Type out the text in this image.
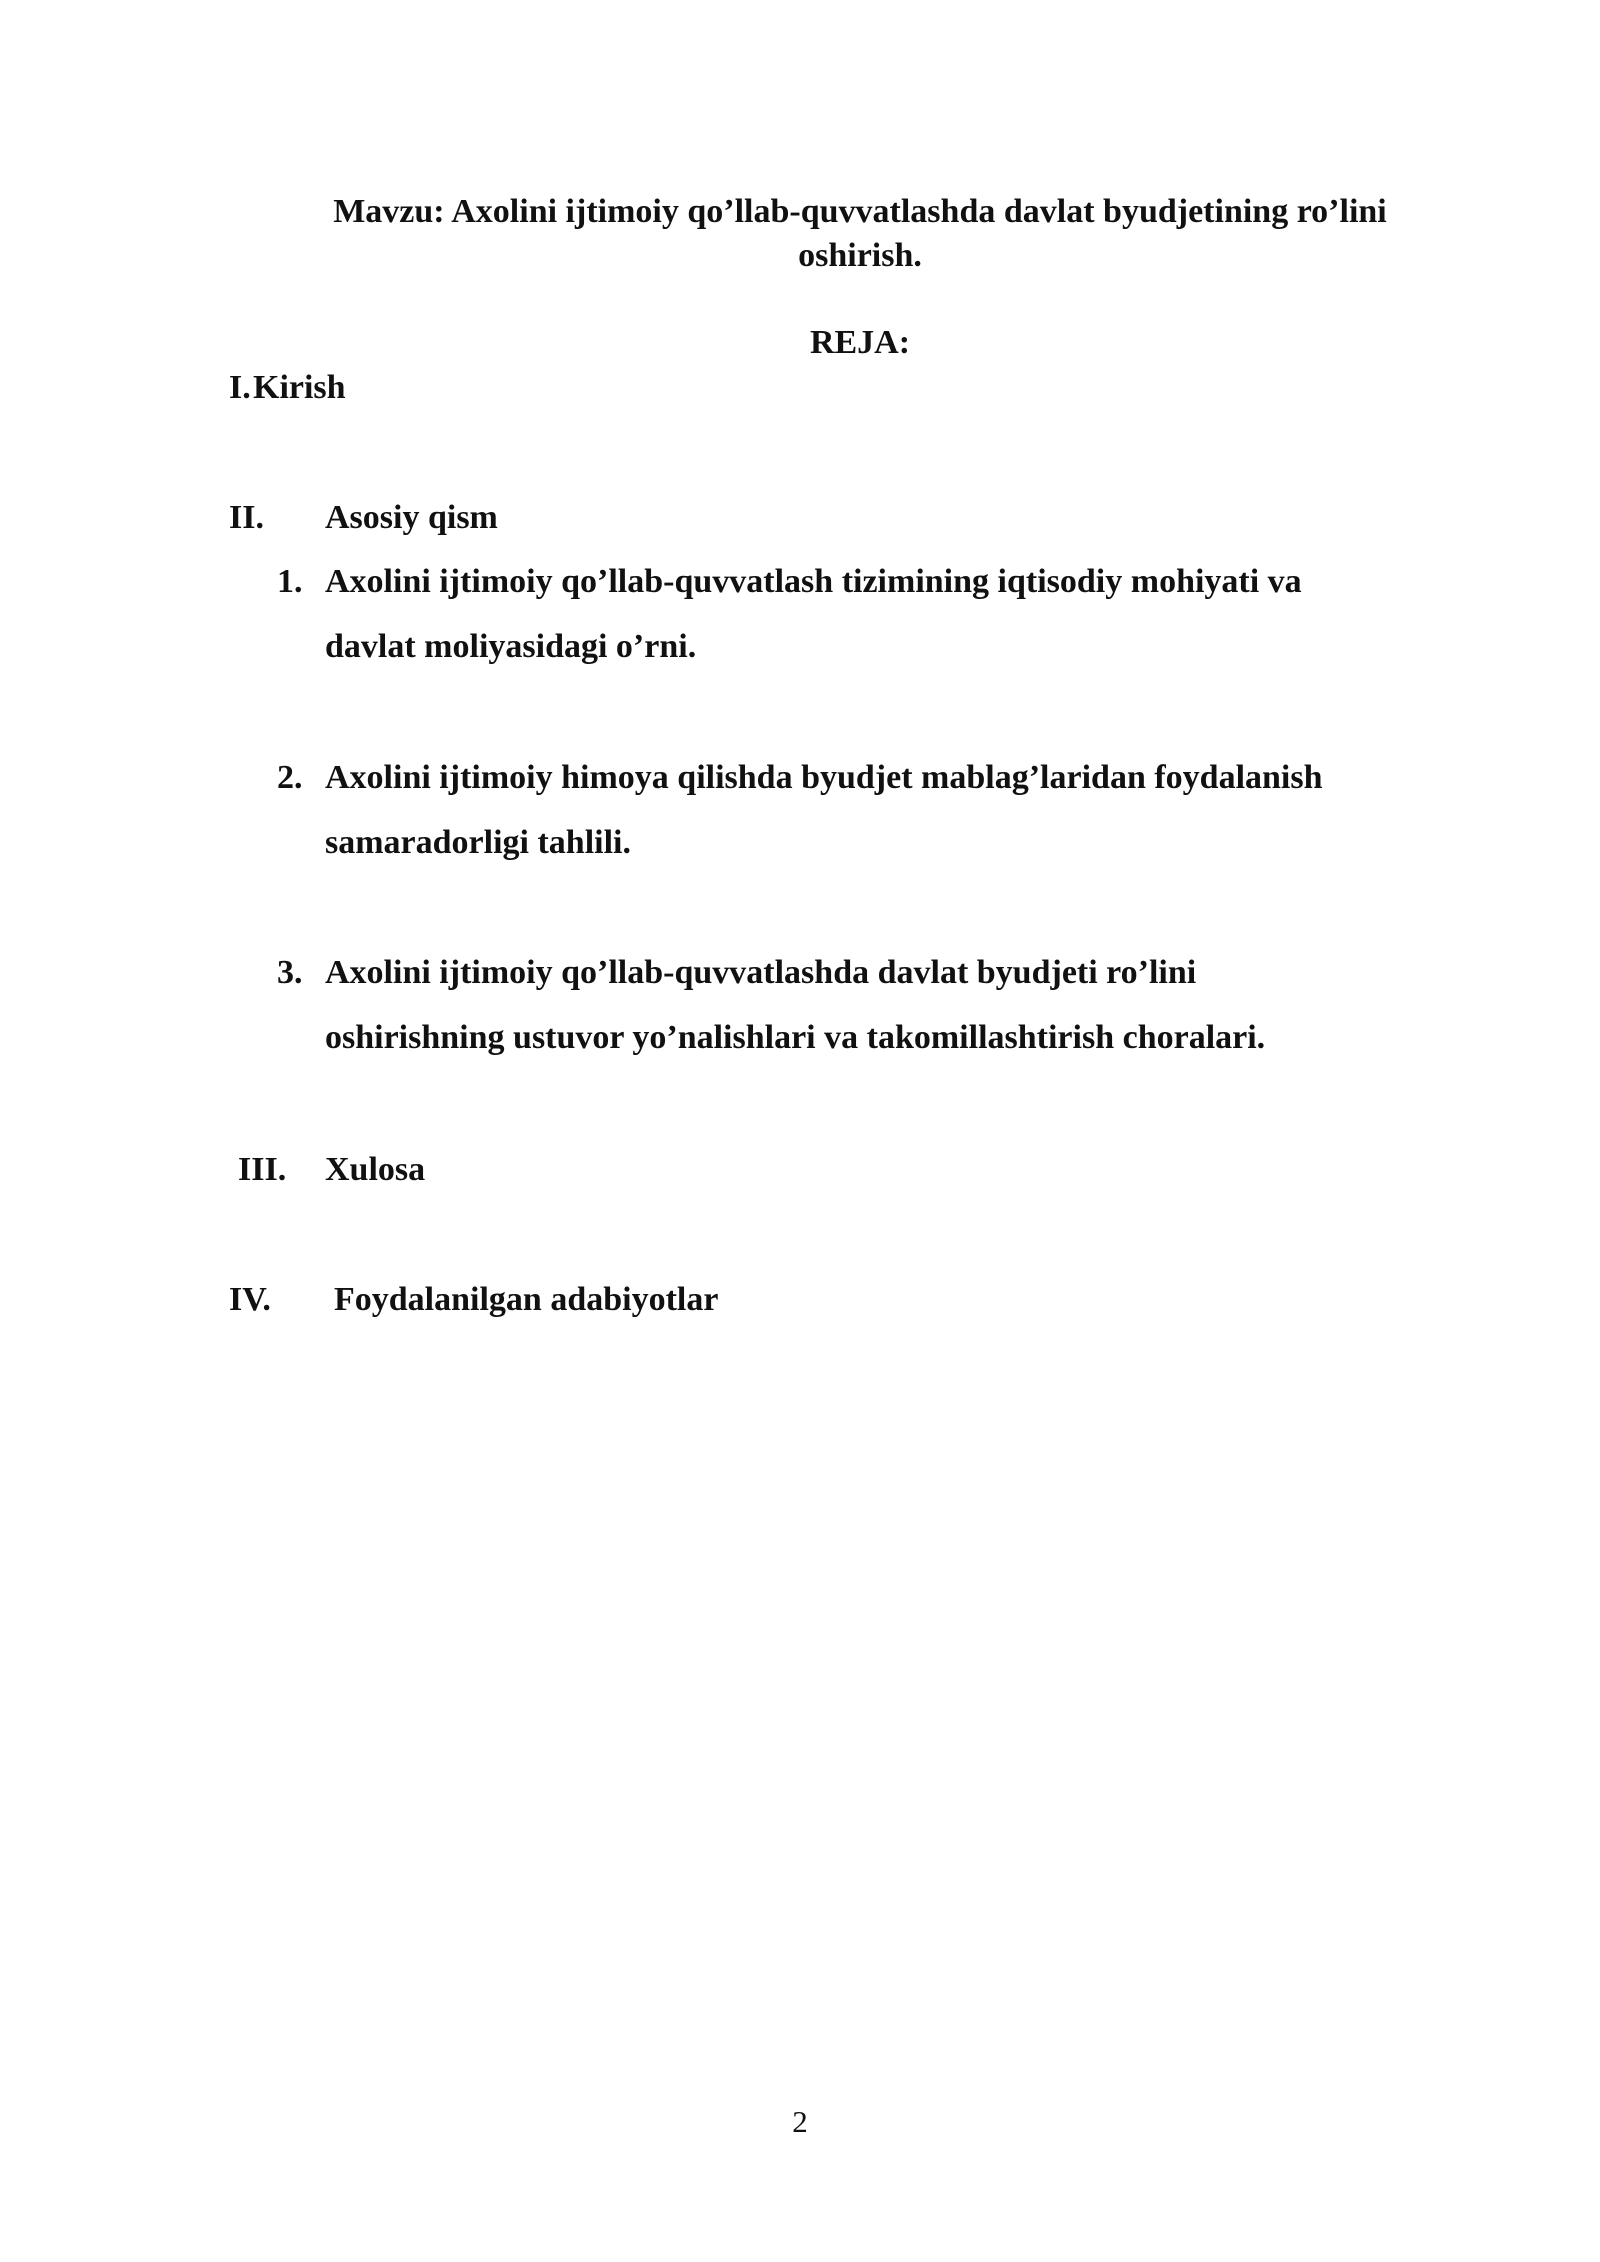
Mavzu: Axolini ijtimoiy qo’llab-quvvatlashda davlat byudjetining ro’lini
oshirish.
REJA:
I. Kirish
II. Asosiy qism
1. Axolini ijtimoiy qo’llab-quvvatlash tizimining iqtisodiy mohiyati va
davlat moliyasidagi o’rni.
2. Axolini ijtimoiy himoya qilishda byudjet mablag’laridan foydalanish
samaradorligi tahlili.
3. Axolini ijtimoiy qo’llab-quvvatlashda davlat byudjeti ro’lini
oshirishning ustuvor yo’nalishlari va takomillashtirish choralari.
III. Xulosa
IV. Foydalanilgan adabiyotlar
2
